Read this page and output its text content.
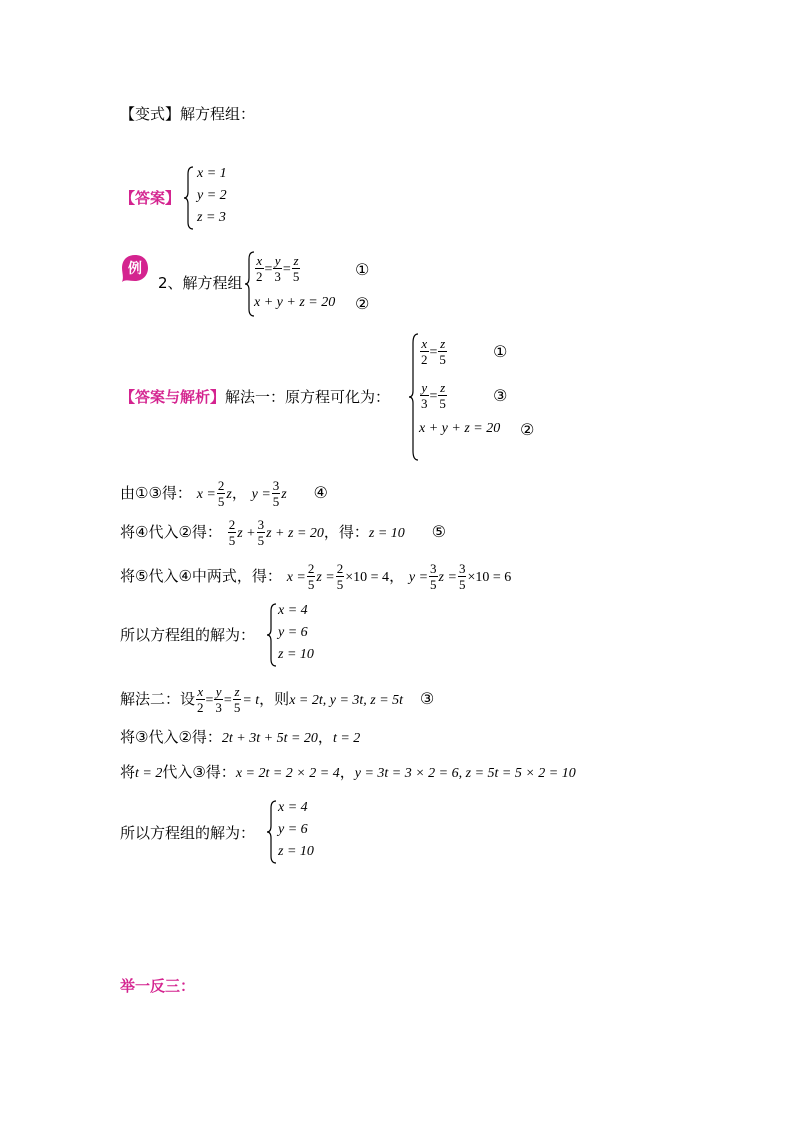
【变式】解方程组：
【答案】
x = 1
y = 2
z = 3
例
2、解方程组 $\frac{x}{2} = \frac{y}{3} = \frac{z}{5}$	①
x + y + z = 20 ②
【答案与解析】解法一：原方程可化为：
$\frac{x}{2} = \frac{z}{5}$	①
$\frac{y}{3} = \frac{z}{5}$	③
x + y + z = 20 ②
由①③得： $x = \frac{2}{5}$ z， $y = \frac{3}{5}$ z ④
将④代入②得： $\frac{2}{5}$ $z + \frac{3}{5}$ z + z = 20，得：z = 10 ⑤
将⑤代入④中两式，得： $x = \frac{2}{5}$ $z = \frac{2}{5} \times 10 = 4$， $y = \frac{3}{5}$ $z = \frac{3}{5} \times 10 = 6$
所以方程组的解为：
x = 4
y = 6
z = 10
解法二：设 $\frac{x}{2} = \frac{y}{3} = \frac{z}{5} = t$，则x = 2t, y = 3t, z = 5t ③
将③代入②得：2t + 3t + 5t = 20，t = 2
将t = 2代入③得：x = 2t = 2 × 2 = 4，y = 3t = 3 × 2 = 6, z = 5t = 5 × 2 = 10
所以方程组的解为：
x = 4
y = 6
z = 10
举一反三：
